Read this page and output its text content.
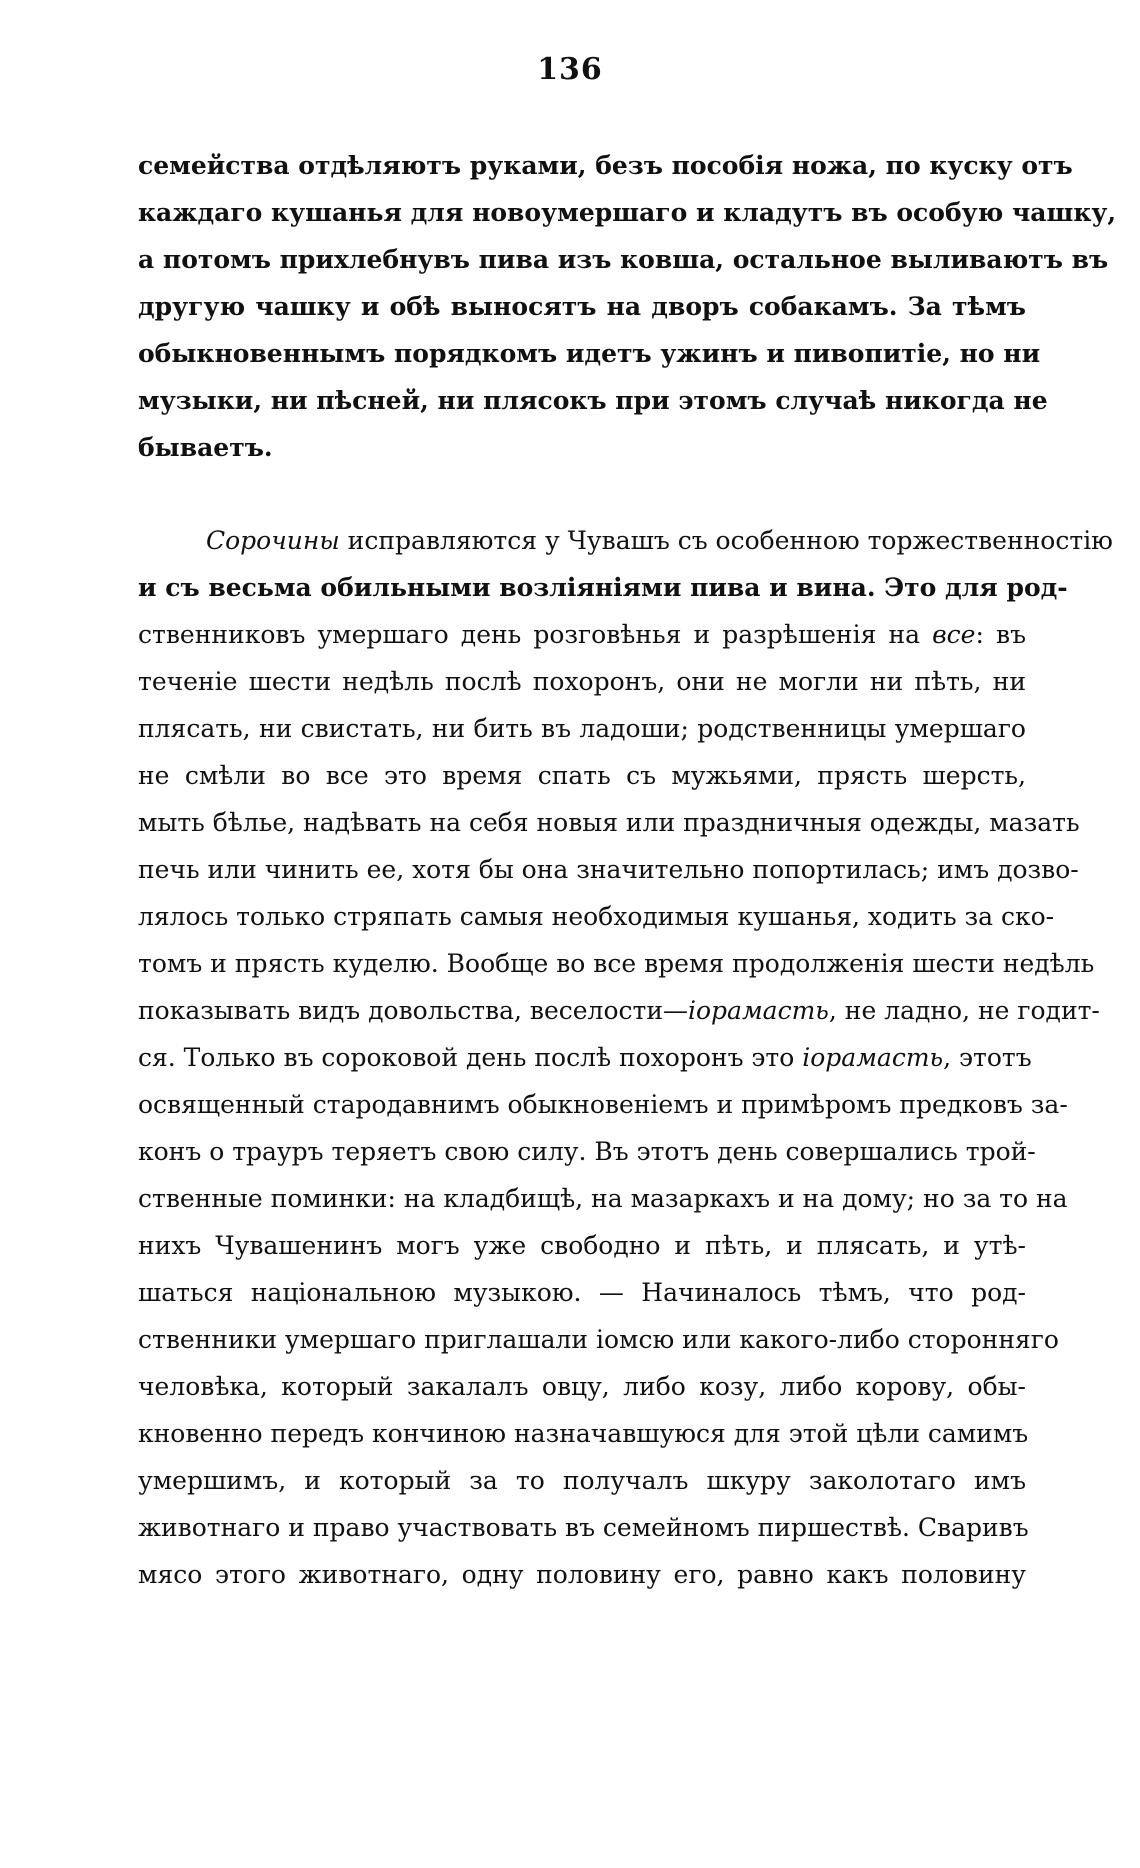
136
семейства отдѣляютъ руками, безъ пособія ножа, по куску отъ
каждаго кушанья для новоумершаго и кладутъ въ особую чашку,
а потомъ прихлебнувъ пива изъ ковша, остальное выливаютъ въ
другую чашку и обѣ выносятъ на дворъ собакамъ. За тѣмъ
обыкновеннымъ порядкомъ идетъ ужинъ и пивопитіе, но ни
музыки, ни пѣсней, ни плясокъ при этомъ случаѣ никогда не
бываетъ.
Сорочины исправляются у Чувашъ съ особенною торжественностію
и съ весьма обильными возліяніями пива и вина. Это для род-
ственниковъ умершаго день розговѣнья и разрѣшенія на все: въ
теченіе шести недѣль послѣ похоронъ, они не могли ни пѣть, ни
плясать, ни свистать, ни бить въ ладоши; родственницы умершаго
не смѣли во все это время спать съ мужьями, прясть шерсть,
мыть бѣлье, надѣвать на себя новыя или праздничныя одежды, мазать
печь или чинить ее, хотя бы она значительно попортилась; имъ дозво-
лялось только стряпать самыя необходимыя кушанья, ходить за ско-
томъ и прясть куделю. Вообще во все время продолженія шести недѣль
показывать видъ довольства, веселости—іорамасть, не ладно, не годит-
ся. Только въ сороковой день послѣ похоронъ это іорамасть, этотъ
освященный стародавнимъ обыкновеніемъ и примѣромъ предковъ за-
конъ о трауръ теряетъ свою силу. Въ этотъ день совершались трой-
ственные поминки: на кладбищѣ, на мазаркахъ и на дому; но за то на
нихъ Чувашенинъ могъ уже свободно и пѣть, и плясать, и утѣ-
шаться національною музыкою. — Начиналось тѣмъ, что род-
ственники умершаго приглашали іомсю или какого-либо сторонняго
человѣка, который закалалъ овцу, либо козу, либо корову, обы-
кновенно передъ кончиною назначавшуюся для этой цѣли самимъ
умершимъ, и который за то получалъ шкуру заколотаго имъ
животнаго и право участвовать въ семейномъ пиршествѣ. Сваривъ
мясо этого животнаго, одну половину его, равно какъ половину
